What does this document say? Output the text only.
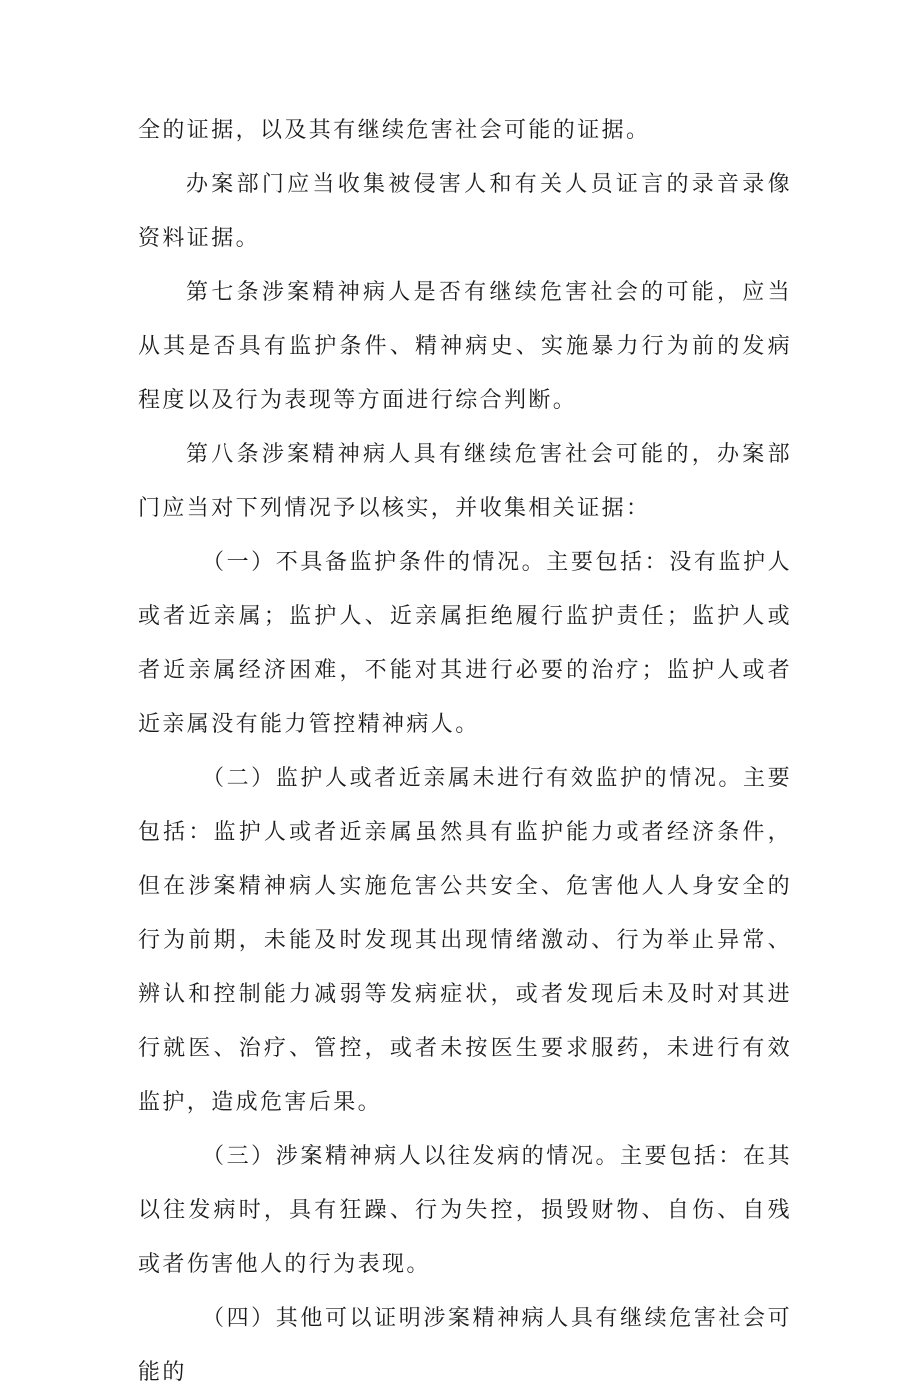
全的证据，以及其有继续危害社会可能的证据。

办案部门应当收集被侵害人和有关人员证言的录音录像资料证据。

第七条涉案精神病人是否有继续危害社会的可能，应当从其是否具有监护条件、精神病史、实施暴力行为前的发病程度以及行为表现等方面进行综合判断。

第八条涉案精神病人具有继续危害社会可能的，办案部门应当对下列情况予以核实，并收集相关证据：

（一）不具备监护条件的情况。主要包括：没有监护人或者近亲属；监护人、近亲属拒绝履行监护责任；监护人或者近亲属经济困难，不能对其进行必要的治疗；监护人或者近亲属没有能力管控精神病人。

（二）监护人或者近亲属未进行有效监护的情况。主要包括：监护人或者近亲属虽然具有监护能力或者经济条件，但在涉案精神病人实施危害公共安全、危害他人人身安全的行为前期，未能及时发现其出现情绪激动、行为举止异常、辨认和控制能力减弱等发病症状，或者发现后未及时对其进行就医、治疗、管控，或者未按医生要求服药，未进行有效监护，造成危害后果。

（三）涉案精神病人以往发病的情况。主要包括：在其以往发病时，具有狂躁、行为失控，损毁财物、自伤、自残或者伤害他人的行为表现。

（四）其他可以证明涉案精神病人具有继续危害社会可能的
